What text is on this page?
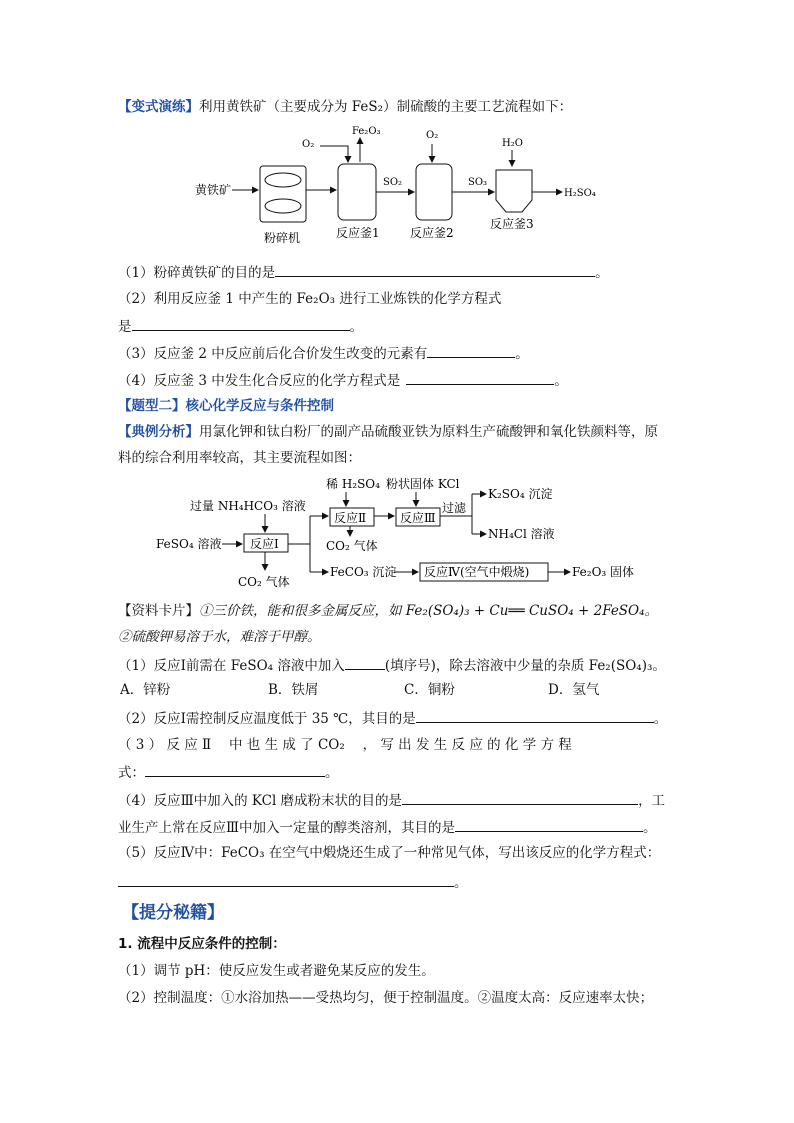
【变式演练】利用黄铁矿（主要成分为 FeS₂）制硫酸的主要工艺流程如下：
黄铁矿
粉碎机
O₂
Fe₂O₃
反应釜1
SO₂
O₂
反应釜2
SO₃
H₂O
反应釜3
H₂SO₄
（1）粉碎黄铁矿的目的是	。
（2）利用反应釜 1 中产生的 Fe₂O₃ 进行工业炼铁的化学方程式
是	。
（3）反应釜 2 中反应前后化合价发生改变的元素有	。
（4）反应釜 3 中发生化合反应的化学方程式是	。
【题型二】核心化学反应与条件控制
【典例分析】用氯化钾和钛白粉厂的副产品硫酸亚铁为原料生产硫酸钾和氧化铁颜料等，原
料的综合利用率较高，其主要流程如图：
过量 NH₄HCO₃ 溶液
FeSO₄ 溶液 反应Ⅰ
CO₂ 气体
稀 H₂SO₄
反应Ⅱ
CO₂ 气体
粉状固体 KCl
反应Ⅲ
过滤
K₂SO₄ 沉淀
NH₄Cl 溶液
FeCO₃ 沉淀 反应Ⅳ(空气中煅烧)	Fe₂O₃ 固体
【资料卡片】①三价铁，能和很多金属反应，如 Fe₂(SO₄)₃ + Cu══ CuSO₄ + 2FeSO₄。
②硫酸钾易溶于水，难溶于甲醇。
（1）反应Ⅰ前需在 FeSO₄ 溶液中加入	(填序号)，除去溶液中少量的杂质 Fe₂(SO₄)₃。
A．锌粉	B．铁屑	C．铜粉	D．氢气
（2）反应Ⅰ需控制反应温度低于 35 ℃，其目的是	。
（ 3 ） 反 应 Ⅱ　 中 也 生 成 了 CO₂　 ， 写 出 发 生 反 应 的 化 学 方 程
式：	。
（4）反应Ⅲ中加入的 KCl 磨成粉末状的目的是	，工
业生产上常在反应Ⅲ中加入一定量的醇类溶剂，其目的是	。
（5）反应Ⅳ中：FeCO₃ 在空气中煅烧还生成了一种常见气体，写出该反应的化学方程式：
。
【提分秘籍】
1. 流程中反应条件的控制：
（1）调节 pH：使反应发生或者避免某反应的发生。
（2）控制温度：①水浴加热——受热均匀，便于控制温度。②温度太高：反应速率太快；
